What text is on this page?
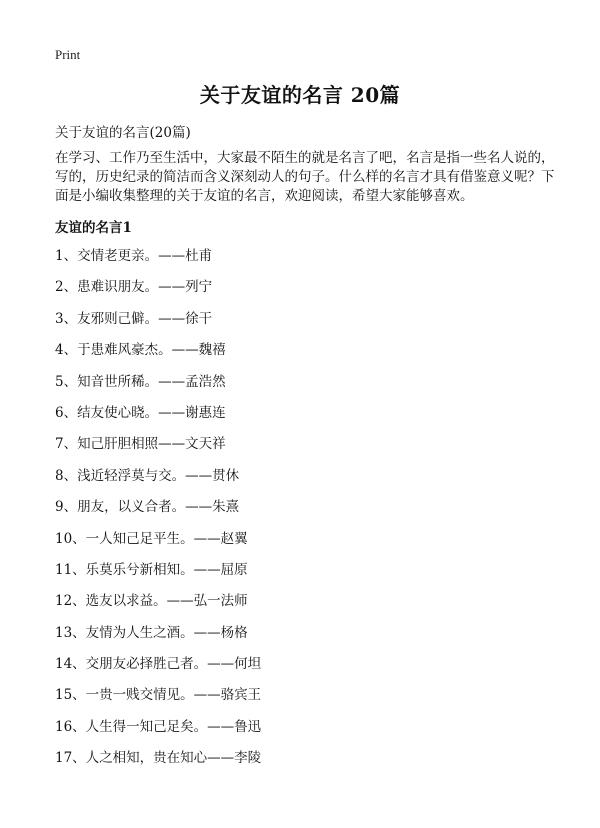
Print
关于友谊的名言 20篇
关于友谊的名言(20篇)
在学习、工作乃至生活中，大家最不陌生的就是名言了吧，名言是指一些名人说的，写的，历史纪录的简洁而含义深刻动人的句子。什么样的名言才具有借鉴意义呢？下面是小编收集整理的关于友谊的名言，欢迎阅读，希望大家能够喜欢。
友谊的名言1
1、交情老更亲。——杜甫
2、患难识朋友。——列宁
3、友邪则己僻。——徐干
4、于患难风豪杰。——魏禧
5、知音世所稀。——孟浩然
6、结友使心晓。——谢惠连
7、知己肝胆相照——文天祥
8、浅近轻浮莫与交。——贯休
9、朋友，以义合者。——朱熹
10、一人知己足平生。——赵翼
11、乐莫乐兮新相知。——屈原
12、选友以求益。——弘一法师
13、友情为人生之酒。——杨格
14、交朋友必择胜己者。——何坦
15、一贵一贱交情见。——骆宾王
16、人生得一知己足矣。——鲁迅
17、人之相知，贵在知心——李陵
